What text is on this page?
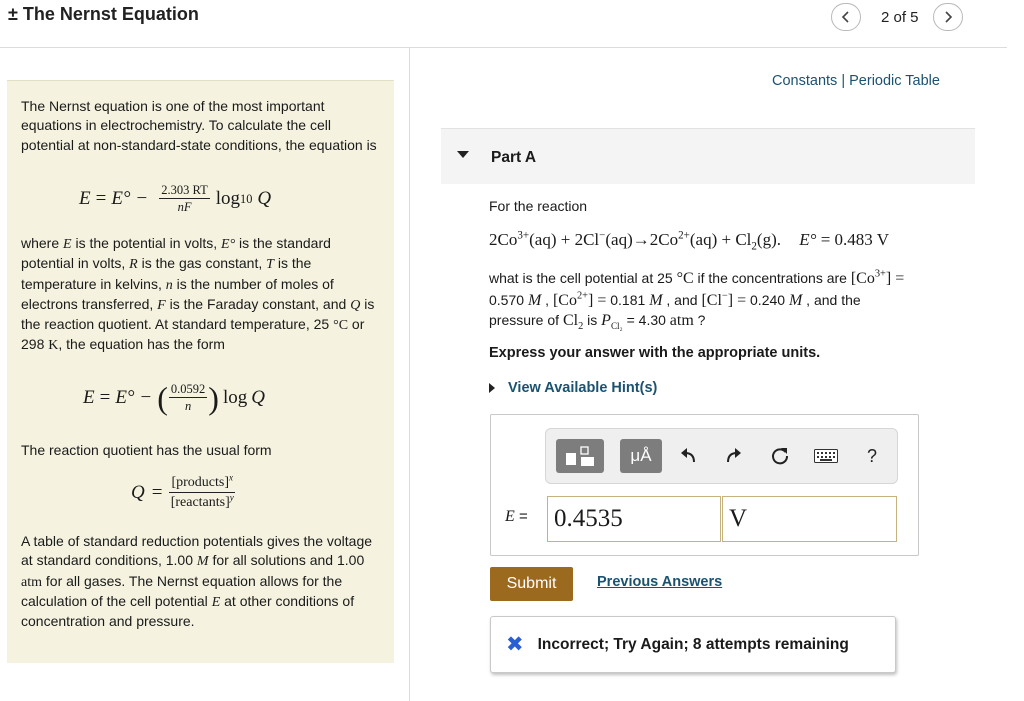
± The Nernst Equation	2 of 5
The Nernst equation is one of the most important equations in electrochemistry. To calculate the cell potential at non-standard-state conditions, the equation is
$E = E^\circ - \frac{2.303 RT}{nF}$ log 10 Q
where E is the potential in volts, E° is the standard potential in volts, R is the gas constant, T is the temperature in kelvins, n is the number of moles of electrons transferred, F is the Faraday constant, and Q is the reaction quotient. At standard temperature, 25 °C or 298 K, the equation has the form
E = E° − ( $\frac{0.0592}{n}$ ) log Q
The reaction quotient has the usual form
$Q = \frac{[products]^x}{[reactants]^y}$
A table of standard reduction potentials gives the voltage at standard conditions, 1.00 M for all solutions and 1.00 atm for all gases. The Nernst equation allows for the calculation of the cell potential E at other conditions of concentration and pressure.
Constants | Periodic Table
Part A
For the reaction
$2Co^{3+}(aq) + 2Cl^-(aq)\to 2Co^{2+}(aq) + Cl_2(g)$. E° = 0.483 V
what is the cell potential at 25 °C if the concentrations are $[Co^{3+}]$ =
0.570 M , $[Co^{2+}] = 0.181$ M , and [Cl−] = 0.240 M , and the
pressure of $Cl_2$ is $P_{Cl_2} = 4.30$ atm ?
Express your answer with the appropriate units.
View Available Hint(s)
μÅ	?
E = 0.4535	V
Submit	Previous Answers
✖ Incorrect; Try Again; 8 attempts remaining
